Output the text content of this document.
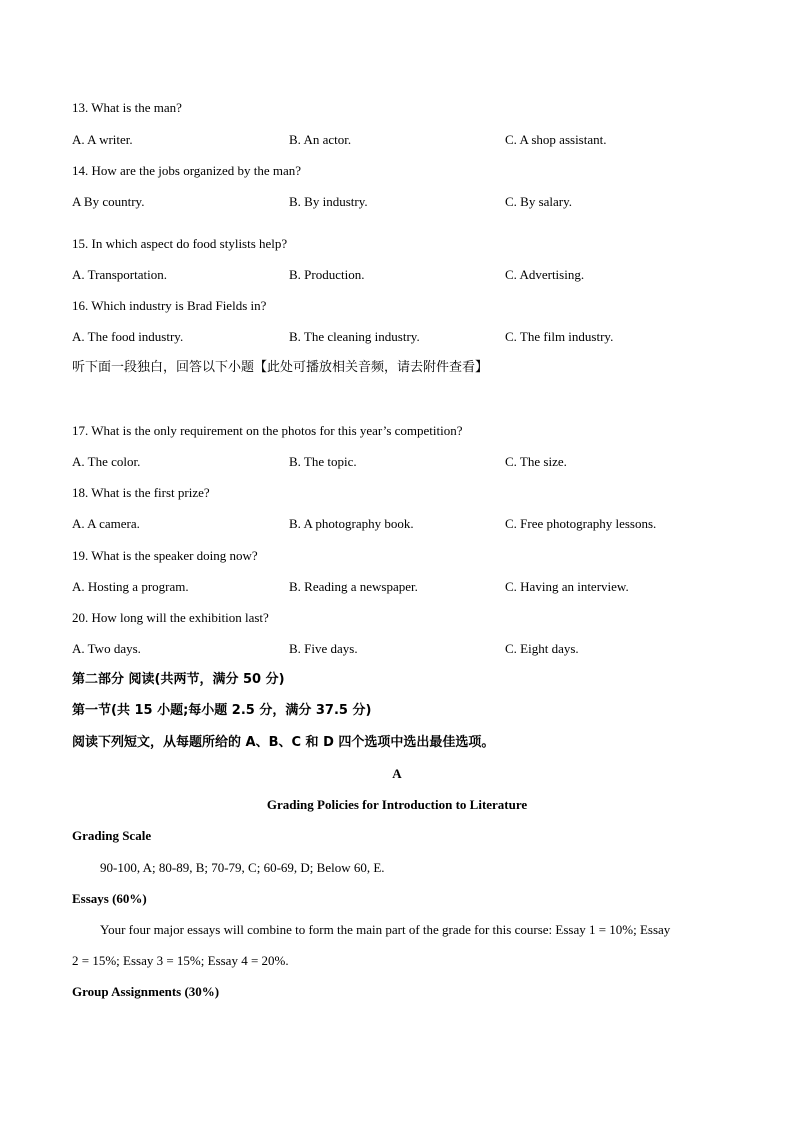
13. What is the man?
A. A writer.	B. An actor.	C. A shop assistant.
14. How are the jobs organized by the man?
A By country.	B. By industry.	C. By salary.
15. In which aspect do food stylists help?
A. Transportation.	B. Production.	C. Advertising.
16. Which industry is Brad Fields in?
A. The food industry.	B. The cleaning industry.	C. The film industry.
听下面一段独白，回答以下小题【此处可播放相关音频，请去附件查看】
17. What is the only requirement on the photos for this year’s competition?
A. The color.	B. The topic.	C. The size.
18. What is the first prize?
A. A camera.	B. A photography book.	C. Free photography lessons.
19. What is the speaker doing now?
A. Hosting a program.	B. Reading a newspaper.	C. Having an interview.
20. How long will the exhibition last?
A. Two days.	B. Five days.	C. Eight days.
第二部分 阅读(共两节，满分 50 分)
第一节(共 15 小题;每小题 2.5 分，满分 37.5 分)
阅读下列短文，从每题所给的 A、B、C 和 D 四个选项中选出最佳选项。
A
Grading Policies for Introduction to Literature
Grading Scale
90-100, A; 80-89, B; 70-79, C; 60-69, D; Below 60, E.
Essays (60%)
Your four major essays will combine to form the main part of the grade for this course: Essay 1 = 10%; Essay
2 = 15%; Essay 3 = 15%; Essay 4 = 20%.
Group Assignments (30%)
